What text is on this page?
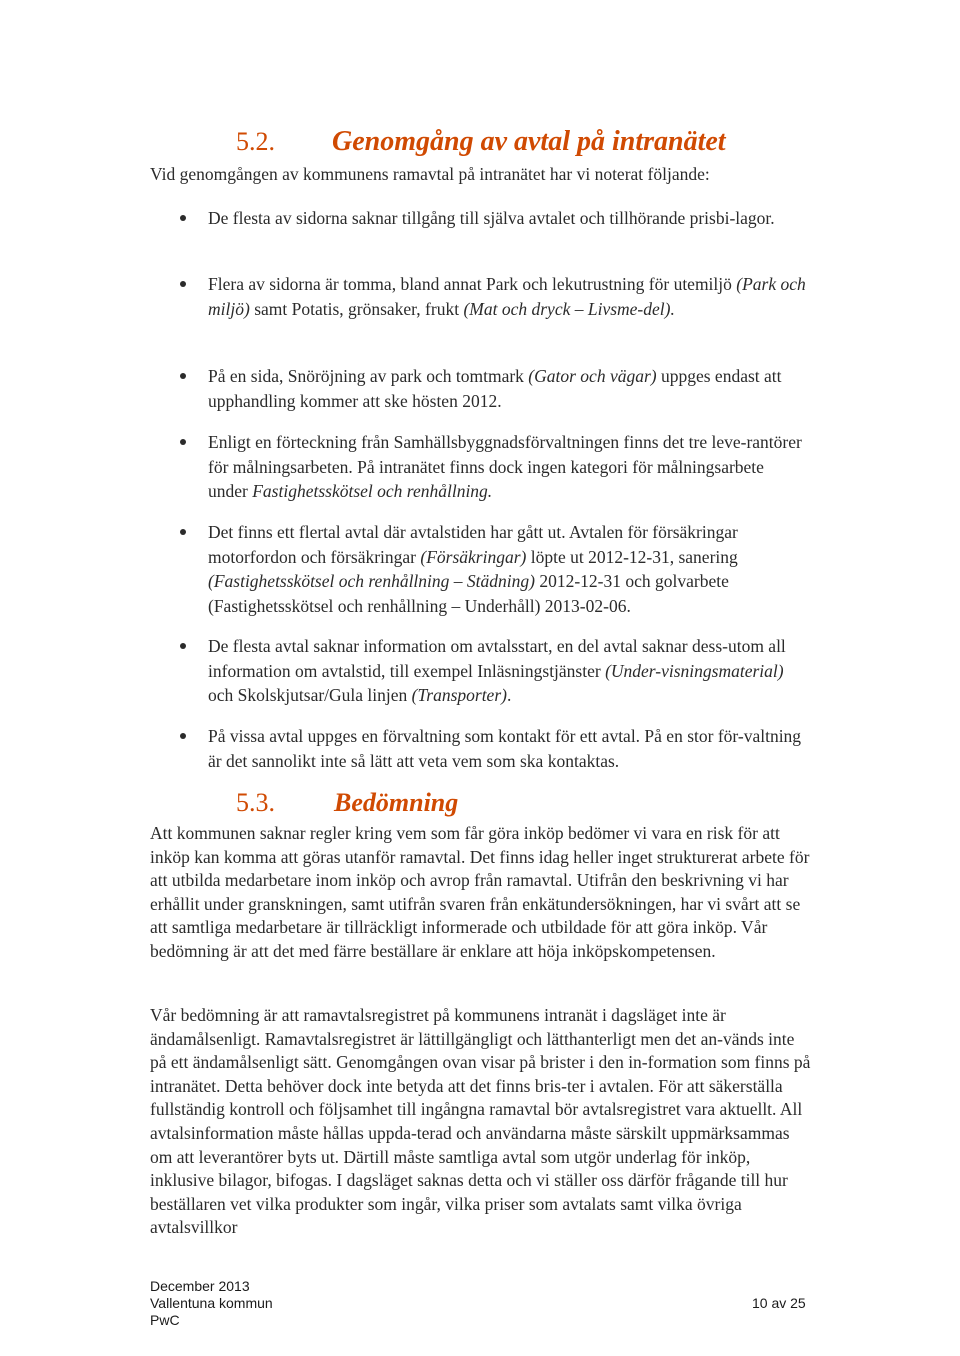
5.2.	Genomgång av avtal på intranätet
Vid genomgången av kommunens ramavtal på intranätet har vi noterat följande:
De flesta av sidorna saknar tillgång till själva avtalet och tillhörande prisbi-lagor.
Flera av sidorna är tomma, bland annat Park och lekutrustning för utemiljö (Park och miljö) samt Potatis, grönsaker, frukt (Mat och dryck – Livsme-del).
På en sida, Snöröjning av park och tomtmark (Gator och vägar) uppges endast att upphandling kommer att ske hösten 2012.
Enligt en förteckning från Samhällsbyggnadsförvaltningen finns det tre leve-rantörer för målningsarbeten. På intranätet finns dock ingen kategori för målningsarbete under Fastighetsskötsel och renhållning.
Det finns ett flertal avtal där avtalstiden har gått ut. Avtalen för försäkringar motorfordon och försäkringar (Försäkringar) löpte ut 2012-12-31, sanering (Fastighetsskötsel och renhållning – Städning) 2012-12-31 och golvarbete (Fastighetsskötsel och renhållning – Underhåll) 2013-02-06.
De flesta avtal saknar information om avtalsstart, en del avtal saknar dess-utom all information om avtalstid, till exempel Inläsningstjänster (Under-visningsmaterial) och Skolskjutsar/Gula linjen (Transporter).
På vissa avtal uppges en förvaltning som kontakt för ett avtal. På en stor för-valtning är det sannolikt inte så lätt att veta vem som ska kontaktas.
5.3.	Bedömning
Att kommunen saknar regler kring vem som får göra inköp bedömer vi vara en risk för att inköp kan komma att göras utanför ramavtal. Det finns idag heller inget strukturerat arbete för att utbilda medarbetare inom inköp och avrop från ramavtal. Utifrån den beskrivning vi har erhållit under granskningen, samt utifrån svaren från enkätundersökningen, har vi svårt att se att samtliga medarbetare är tillräckligt informerade och utbildade för att göra inköp. Vår bedömning är att det med färre beställare är enklare att höja inköpskompetensen.
Vår bedömning är att ramavtalsregistret på kommunens intranät i dagsläget inte är ändamålsenligt. Ramavtalsregistret är lättillgängligt och lätthanterligt men det an-vänds inte på ett ändamålsenligt sätt. Genomgången ovan visar på brister i den in-formation som finns på intranätet. Detta behöver dock inte betyda att det finns bris-ter i avtalen. För att säkerställa fullständig kontroll och följsamhet till ingångna ramavtal bör avtalsregistret vara aktuellt. All avtalsinformation måste hållas uppda-terad och användarna måste särskilt uppmärksammas om att leverantörer byts ut. Därtill måste samtliga avtal som utgör underlag för inköp, inklusive bilagor, bifogas. I dagsläget saknas detta och vi ställer oss därför frågande till hur beställaren vet vilka produkter som ingår, vilka priser som avtalats samt vilka övriga avtalsvillkor
December 2013
Vallentuna kommun
PwC
10 av 25
